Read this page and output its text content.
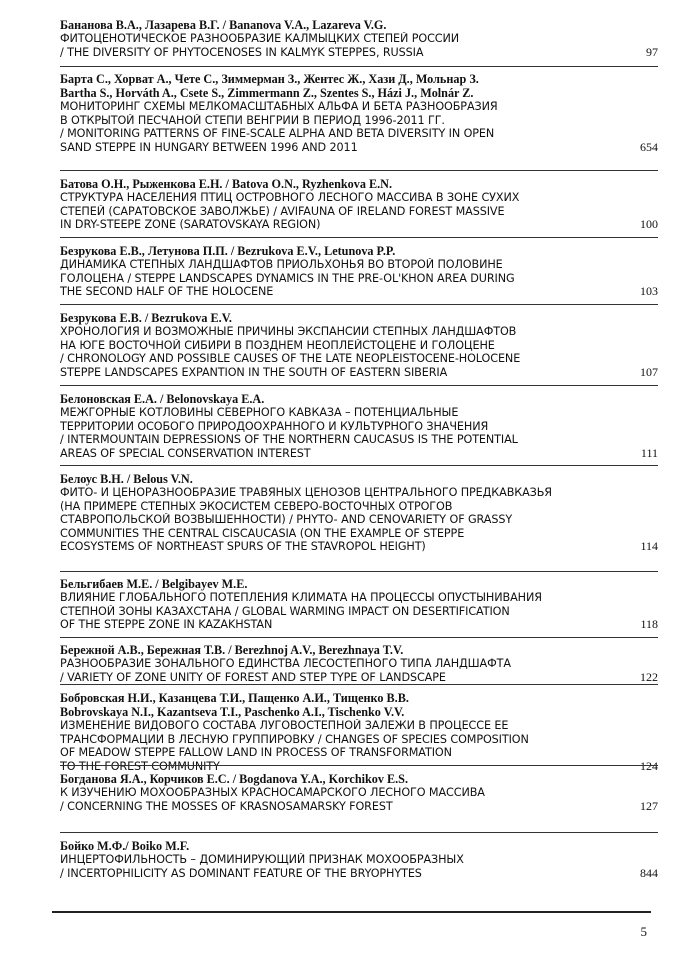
Бананова В.А., Лазарева В.Г. / Bananova V.A., Lazareva V.G.
ФИТОЦЕНОТИЧЕСКОЕ РАЗНООБРАЗИЕ КАЛМЫЦКИХ СТЕПЕЙ РОССИИ
/ THE DIVERSITY OF PHYTOCENOSES IN KALMYK STEPPES, RUSSIA	97
Барта С., Хорват А., Чете С., Зиммерман З., Жентес Ж., Хази Д., Мольнар З.
Bartha S., Horváth A., Csete S., Zimmermann Z., Szentes S., Házi J., Molnár Z.
МОНИТОРИНГ СХЕМЫ МЕЛКОМАСШТАБНЫХ АЛЬФА И БЕТА РАЗНООБРАЗИЯ
В ОТКРЫТОЙ ПЕСЧАНОЙ СТЕПИ ВЕНГРИИ В ПЕРИОД 1996-2011 ГГ.
/ MONITORING PATTERNS OF FINE-SCALE ALPHA AND BETA DIVERSITY IN OPEN
SAND STEPPE IN HUNGARY BETWEEN 1996 AND 2011	654
Батова О.Н., Рыженкова Е.Н. / Batova O.N., Ryzhenkova E.N.
СТРУКТУРА НАСЕЛЕНИЯ ПТИЦ ОСТРОВНОГО ЛЕСНОГО МАССИВА В ЗОНЕ СУХИХ
СТЕПЕЙ (САРАТОВСКОЕ ЗАВОЛЖЬЕ) / AVIFAUNA OF IRELAND FOREST MASSIVE
IN DRY-STEEPE ZONE (SARATOVSKAYA REGION)	100
Безрукова Е.В., Летунова П.П. / Bezrukova E.V., Letunova P.P.
ДИНАМИКА СТЕПНЫХ ЛАНДШАФТОВ ПРИОЛЬХОНЬЯ ВО ВТОРОЙ ПОЛОВИНЕ
ГОЛОЦЕНА / STEPPE LANDSCAPES DYNAMICS IN THE PRE-OL'KHON AREA DURING
THE SECOND HALF OF THE HOLOCENE	103
Безрукова Е.В. / Bezrukova E.V.
ХРОНОЛОГИЯ И ВОЗМОЖНЫЕ ПРИЧИНЫ ЭКСПАНСИИ СТЕПНЫХ ЛАНДШАФТОВ
НА ЮГЕ ВОСТОЧНОЙ СИБИРИ В ПОЗДНЕМ НЕОПЛЕЙСТОЦЕНЕ И ГОЛОЦЕНЕ
/ CHRONOLOGY AND POSSIBLE CAUSES OF THE LATE NEOPLEISTOCENE-HOLOCENE
STEPPE LANDSCAPES EXPANTION IN THE SOUTH OF EASTERN SIBERIA	107
Белоновская Е.А. / Belonovskaya E.A.
МЕЖГОРНЫЕ КОТЛОВИНЫ СЕВЕРНОГО КАВКАЗА – ПОТЕНЦИАЛЬНЫЕ
ТЕРРИТОРИИ ОСОБОГО ПРИРОДООХРАННОГО И КУЛЬТУРНОГО ЗНАЧЕНИЯ
/ INTERMOUNTAIN DEPRESSIONS OF THE NORTHERN CAUCASUS IS THE POTENTIAL
AREAS OF SPECIAL CONSERVATION INTEREST	111
Белоус В.Н. / Belous V.N.
ФИТО- И ЦЕНОРАЗНООБРАЗИЕ ТРАВЯНЫХ ЦЕНОЗОВ ЦЕНТРАЛЬНОГО ПРЕДКАВКАЗЬЯ
(НА ПРИМЕРЕ СТЕПНЫХ ЭКОСИСТЕМ СЕВЕРО-ВОСТОЧНЫХ ОТРОГОВ
СТАВРОПОЛЬСКОЙ ВОЗВЫШЕННОСТИ) / PHYTO- AND CENOVARIETY OF GRASSY
COMMUNITIES THE CENTRAL CISCAUCASIA (ON THE EXAMPLE OF STEPPE
ECOSYSTEMS OF NORTHEAST SPURS OF THE STAVROPOL HEIGHT)	114
Бельгибаев М.Е. / Belgibayev M.E.
ВЛИЯНИЕ ГЛОБАЛЬНОГО ПОТЕПЛЕНИЯ КЛИМАТА НА ПРОЦЕССЫ ОПУСТЫНИВАНИЯ
СТЕПНОЙ ЗОНЫ КАЗАХСТАНА / GLOBAL WARMING IMPACT ON DESERTIFICATION
OF THE STEPPE ZONE IN KAZAKHSTAN	118
Бережной А.В., Бережная Т.В. / Berezhnoj A.V., Berezhnaya T.V.
РАЗНООБРАЗИЕ ЗОНАЛЬНОГО ЕДИНСТВА ЛЕСОСТЕПНОГО ТИПА ЛАНДШАФТА
/ VARIETY OF ZONE UNITY OF FOREST AND STEP TYPE OF LANDSCAPE	122
Бобровская Н.И., Казанцева Т.И., Пащенко А.И., Тищенко В.В.
Bobrovskaya N.I., Kazantseva T.I., Paschenko A.I., Tischenko V.V.
ИЗМЕНЕНИЕ ВИДОВОГО СОСТАВА ЛУГОВОСТЕПНОЙ ЗАЛЕЖИ В ПРОЦЕССЕ ЕЕ
ТРАНСФОРМАЦИИ В ЛЕСНУЮ ГРУППИРОВКУ / CHANGES OF SPECIES COMPOSITION
OF MEADOW STEPPE FALLOW LAND IN PROCESS OF TRANSFORMATION
TO THE FOREST COMMUNITY	124
Богданова Я.А., Корчиков Е.С. / Bogdanova Y.A., Korchikov E.S.
К ИЗУЧЕНИЮ МОХООБРАЗНЫХ КРАСНОСАМАРСКОГО ЛЕСНОГО МАССИВА
/ CONCERNING THE MOSSES OF KRASNOSAMARSKY FOREST	127
Бойко М.Ф./ Boiko M.F.
ИНЦЕРТОФИЛЬНОСТЬ – ДОМИНИРУЮЩИЙ ПРИЗНАК МОХООБРАЗНЫХ
/ INCERTOPHILICITY AS DOMINANT FEATURE OF THE BRYOPHYTES	844
5
